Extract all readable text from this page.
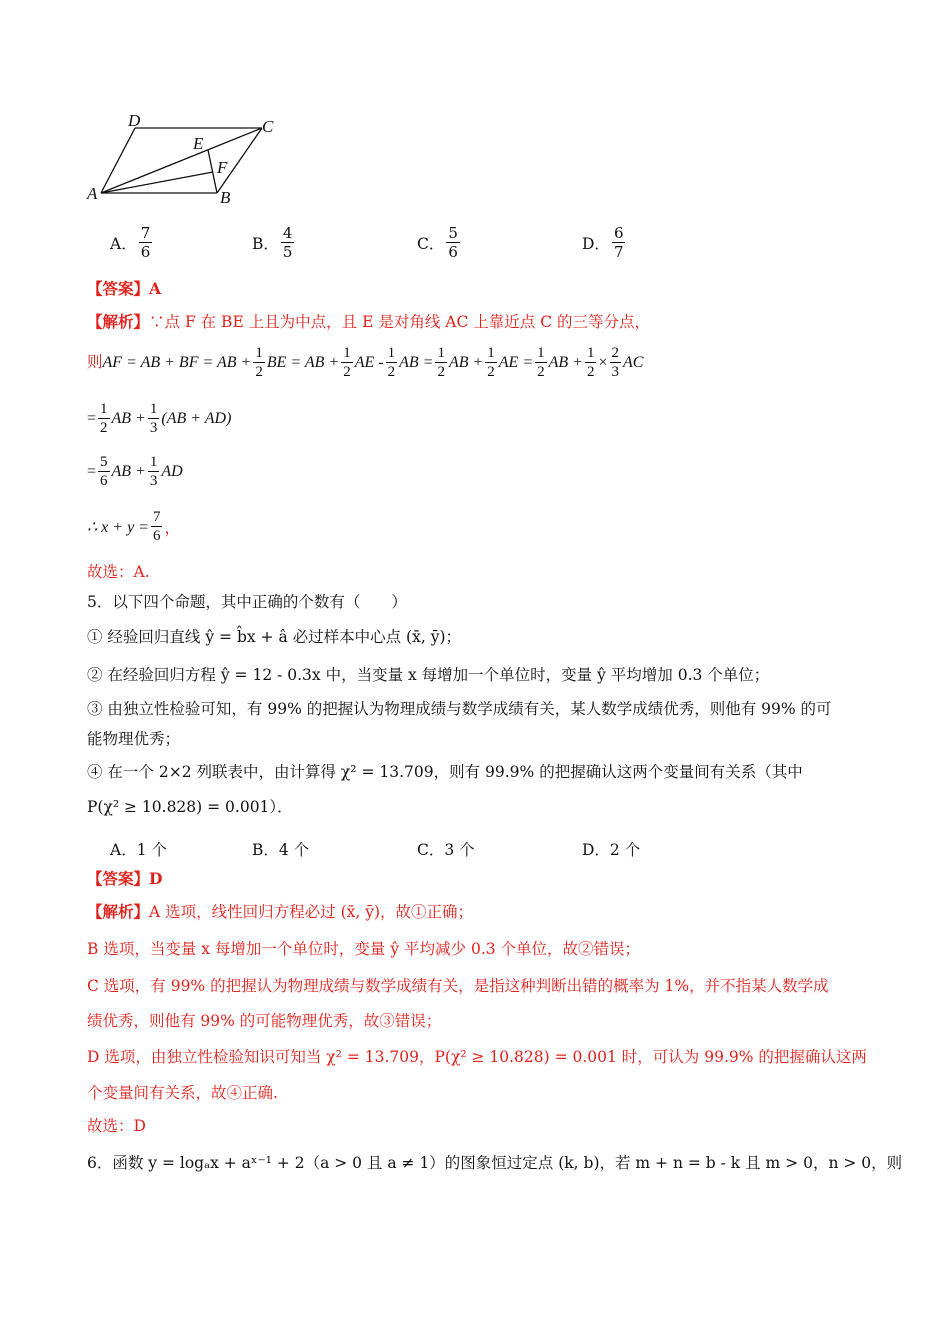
D	C
E
F
A	B
A． $\frac{7}{6}$	B． $\frac{4}{5}$	C． $\frac{5}{6}$	D． $\frac{6}{7}$
【答案】A
【解析】∵点 F 在 BE 上且为中点，且 E 是对角线 AC 上靠近点 C 的三等分点，
则 AF = AB + BF = AB + $\frac{1}{2}$ BE = AB + $\frac{1}{2}$ AE - $\frac{1}{2}$ AB = $\frac{1}{2}$ AB + $\frac{1}{2}$ AE = $\frac{1}{2}$ AB + $\frac{1}{2} \times \frac{2}{3}$ AC
= $\frac{1}{2}$ AB + $\frac{1}{3} (AB + AD)$
= $\frac{5}{6}$ AB + $\frac{1}{3}$ AD
∴ $x + y = \frac{7}{6}$ ，
故选：A.
5．以下四个命题，其中正确的个数有（　　）
① 经验回归直线 ŷ = b̂x + â 必过样本中心点 (x̄, ȳ)；
② 在经验回归方程 ŷ = 12 - 0.3x 中，当变量 x 每增加一个单位时，变量 ŷ 平均增加 0.3 个单位；
③ 由独立性检验可知，有 99% 的把握认为物理成绩与数学成绩有关，某人数学成绩优秀，则他有 99% 的可
能物理优秀；
④ 在一个 2×2 列联表中，由计算得 χ² = 13.709，则有 99.9% 的把握确认这两个变量间有关系（其中
P(χ² ≥ 10.828) = 0.001）．
A．1 个	B．4 个	C．3 个	D．2 个
【答案】D
【解析】A 选项，线性回归方程必过 (x̄, ȳ)，故①正确；
B 选项，当变量 x 每增加一个单位时，变量 ŷ 平均减少 0.3 个单位，故②错误；
C 选项，有 99% 的把握认为物理成绩与数学成绩有关，是指这种判断出错的概率为 1%，并不指某人数学成
绩优秀，则他有 99% 的可能物理优秀，故③错误；
D 选项，由独立性检验知识可知当 χ² = 13.709，P(χ² ≥ 10.828) = 0.001 时，可认为 99.9% 的把握确认这两
个变量间有关系，故④正确.
故选：D
6．函数 y = logₐx + aˣ⁻¹ + 2（a > 0 且 a ≠ 1）的图象恒过定点 (k, b)，若 m + n = b - k 且 m > 0，n > 0，则
